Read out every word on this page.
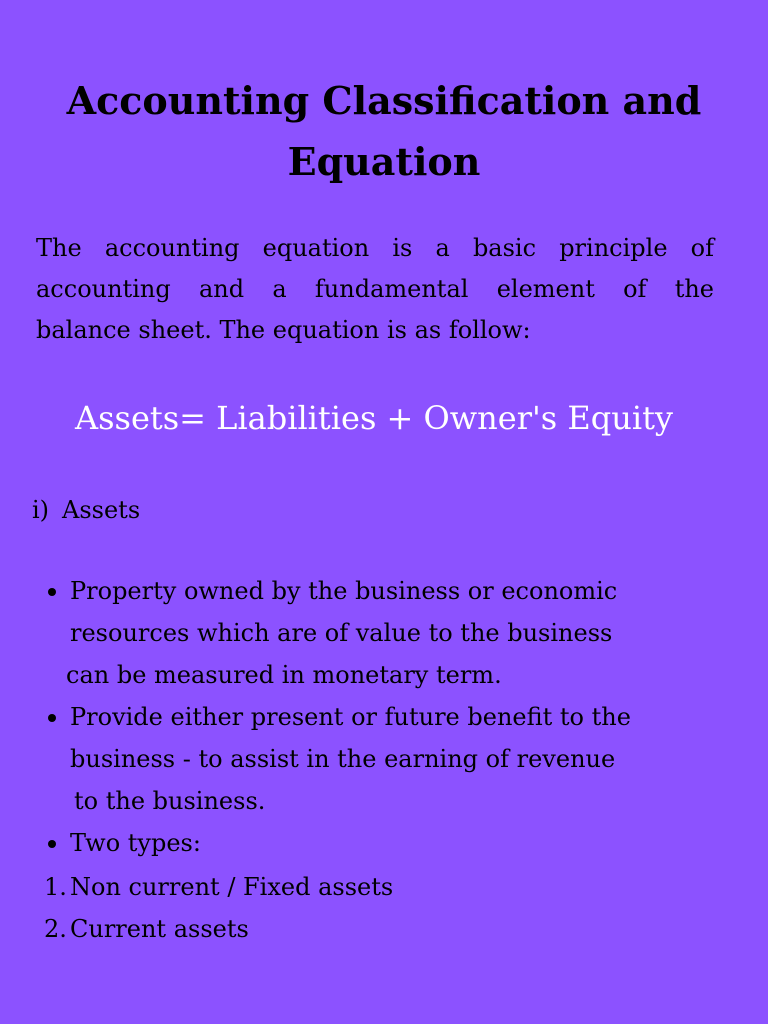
Accounting Classification and
Equation

The accounting equation is a basic principle of
accounting and a fundamental element of the
balance sheet. The equation is as follow:

Assets= Liabilities + Owner's Equity

i) Assets

Property owned by the business or economic
resources which are of value to the business
can be measured in monetary term.
Provide either present or future benefit to the
business - to assist in the earning of revenue
to the business.
Two types:
1. Non current / Fixed assets
2. Current assets
